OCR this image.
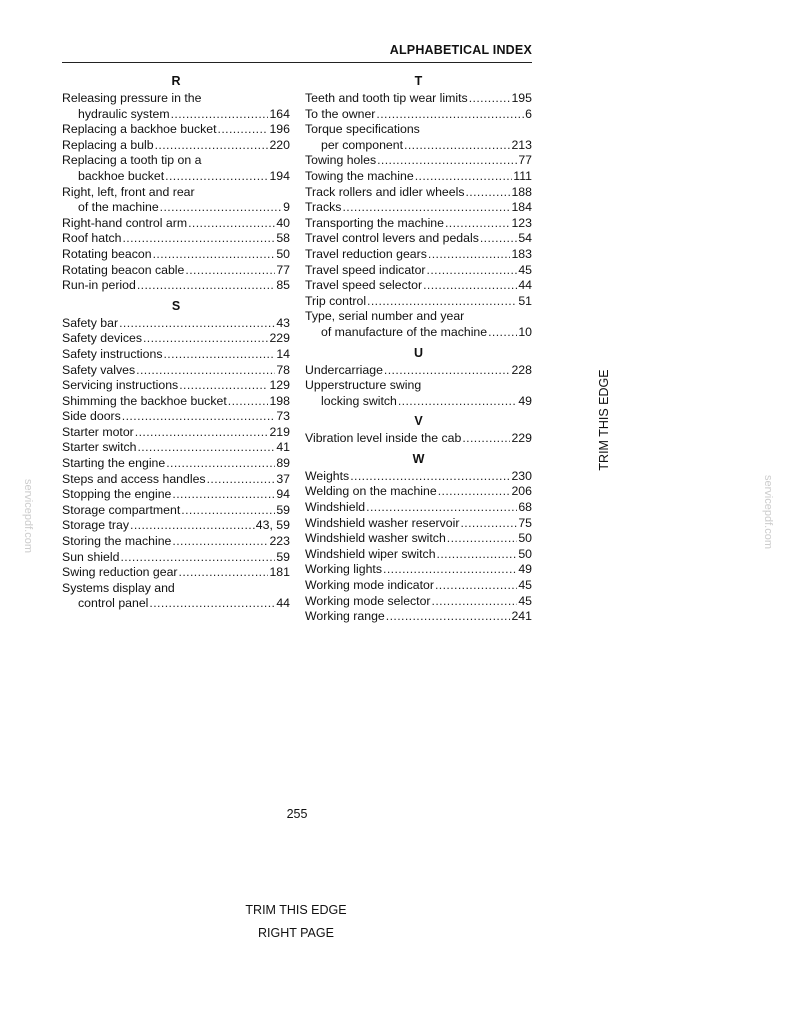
ALPHABETICAL INDEX
R
Releasing pressure in the
hydraulic system .....	164
Replacing a backhoe bucket .....	196
Replacing a bulb .....	220
Replacing a tooth tip on a
backhoe bucket .....	194
Right, left, front and rear
of the machine .....	9
Right-hand control arm .....	40
Roof hatch .....	58
Rotating beacon .....	50
Rotating beacon cable .....	77
Run-in period .....	85
S
Safety bar .....	43
Safety devices .....	229
Safety instructions .....	14
Safety valves .....	78
Servicing instructions .....	129
Shimming the backhoe bucket .....	198
Side doors .....	73
Starter motor .....	219
Starter switch .....	41
Starting the engine .....	89
Steps and access handles .....	37
Stopping the engine .....	94
Storage compartment .....	59
Storage tray .....	43, 59
Storing the machine .....	223
Sun shield .....	59
Swing reduction gear .....	181
Systems display and
control panel .....	44
T
Teeth and tooth tip wear limits .....	195
To the owner .....	6
Torque specifications
per component .....	213
Towing holes .....	77
Towing the machine .....	111
Track rollers and idler wheels .....	188
Tracks .....	184
Transporting the machine .....	123
Travel control levers and pedals .....	54
Travel reduction gears .....	183
Travel speed indicator .....	45
Travel speed selector .....	44
Trip control .....	51
Type, serial number and year
of manufacture of the machine .....	10
U
Undercarriage .....	228
Upperstructure swing
locking switch .....	49
V
Vibration level inside the cab .....	229
W
Weights .....	230
Welding on the machine .....	206
Windshield .....	68
Windshield washer reservoir .....	75
Windshield washer switch .....	50
Windshield wiper switch .....	50
Working lights .....	49
Working mode indicator .....	45
Working mode selector .....	45
Working range .....	241
255
TRIM THIS EDGE
RIGHT PAGE
TRIM THIS EDGE
servicepdf.com	servicepdf.com
